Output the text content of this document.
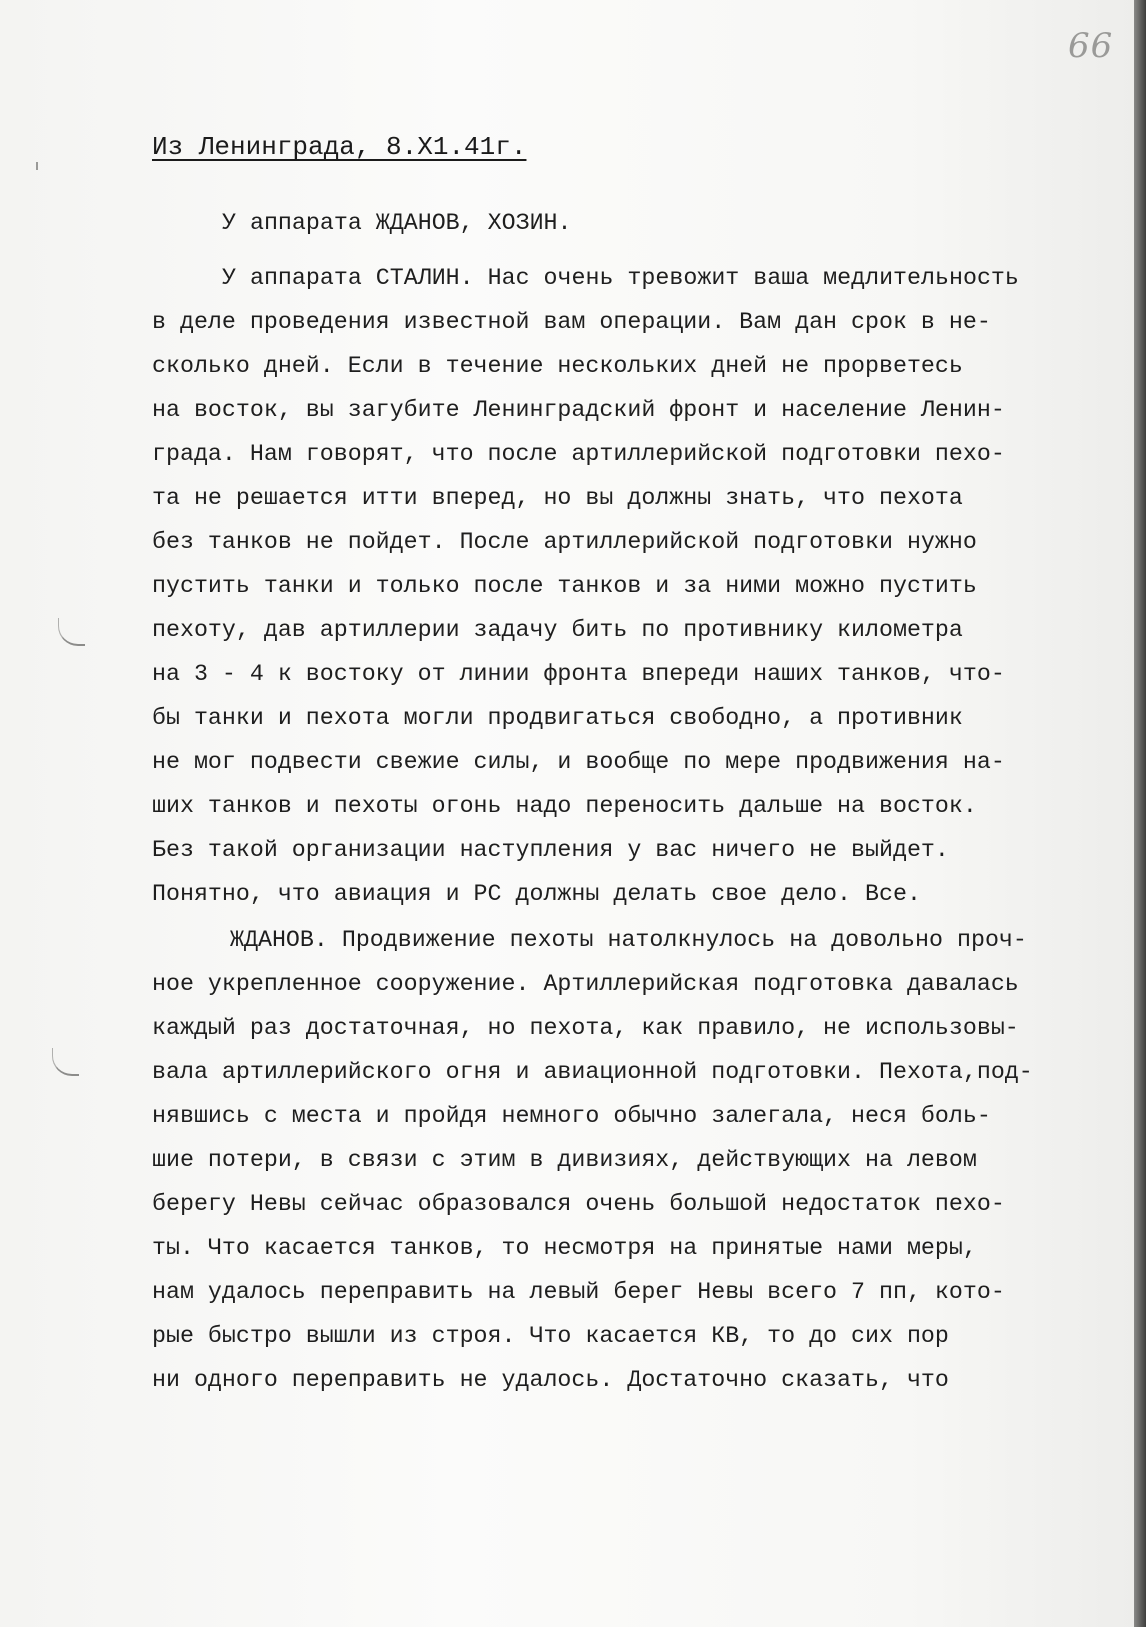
66
Из Ленинграда, 8.Х1.41г.
У аппарата ЖДАНОВ, ХОЗИН.
У аппарата СТАЛИН. Нас очень тревожит ваша медлительность
в деле проведения известной вам операции. Вам дан срок в не-
сколько дней. Если в течение нескольких дней не прорветесь
на восток, вы загубите Ленинградский фронт и население Ленин-
града. Нам говорят, что после артиллерийской подготовки пехо-
та не решается итти вперед, но вы должны знать, что пехота
без танков не пойдет. После артиллерийской подготовки нужно
пустить танки и только после танков и за ними можно пустить
пехоту, дав артиллерии задачу бить по противнику километра
на 3 - 4 к востоку от линии фронта впереди наших танков, что-
бы танки и пехота могли продвигаться свободно, а противник
не мог подвести свежие силы, и вообще по мере продвижения на-
ших танков и пехоты огонь надо переносить дальше на восток.
Без такой организации наступления у вас ничего не выйдет.
Понятно, что авиация и РС должны делать свое дело. Все.
ЖДАНОВ. Продвижение пехоты натолкнулось на довольно проч-
ное укрепленное сооружение. Артиллерийская подготовка давалась
каждый раз достаточная, но пехота, как правило, не использовы-
вала артиллерийского огня и авиационной подготовки. Пехота,под-
нявшись с места и пройдя немного обычно залегала, неся боль-
шие потери, в связи с этим в дивизиях, действующих на левом
берегу Невы сейчас образовался очень большой недостаток пехо-
ты. Что касается танков, то несмотря на принятые нами меры,
нам удалось переправить на левый берег Невы всего 7 пп, кото-
рые быстро вышли из строя. Что касается КВ, то до сих пор
ни одного переправить не удалось. Достаточно сказать, что
